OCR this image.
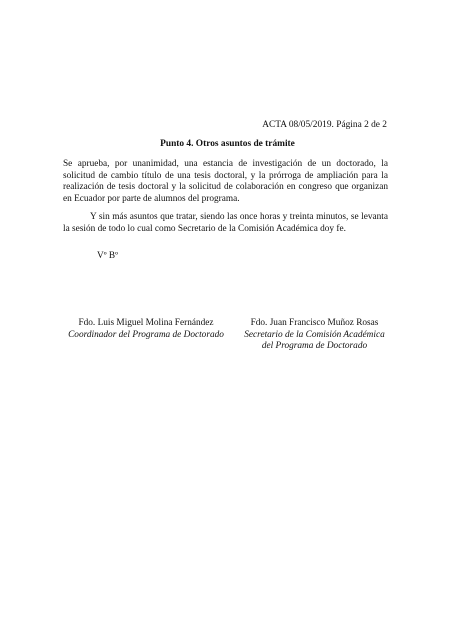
ACTA 08/05/2019. Página 2 de 2
Punto 4. Otros asuntos de trámite

Se aprueba, por unanimidad, una estancia de investigación de un doctorado, la solicitud de cambio título de una tesis doctoral, y la prórroga de ampliación para la realización de tesis doctoral y la solicitud de colaboración en congreso que organizan en Ecuador por parte de alumnos del programa.

Y sin más asuntos que tratar, siendo las once horas y treinta minutos, se levanta la sesión de todo lo cual como Secretario de la Comisión Académica doy fe.

Vº Bº
Fdo. Luis Miguel Molina Fernández
Coordinador del Programa de Doctorado
Fdo. Juan Francisco Muñoz Rosas
Secretario de la Comisión Académica
del Programa de Doctorado
